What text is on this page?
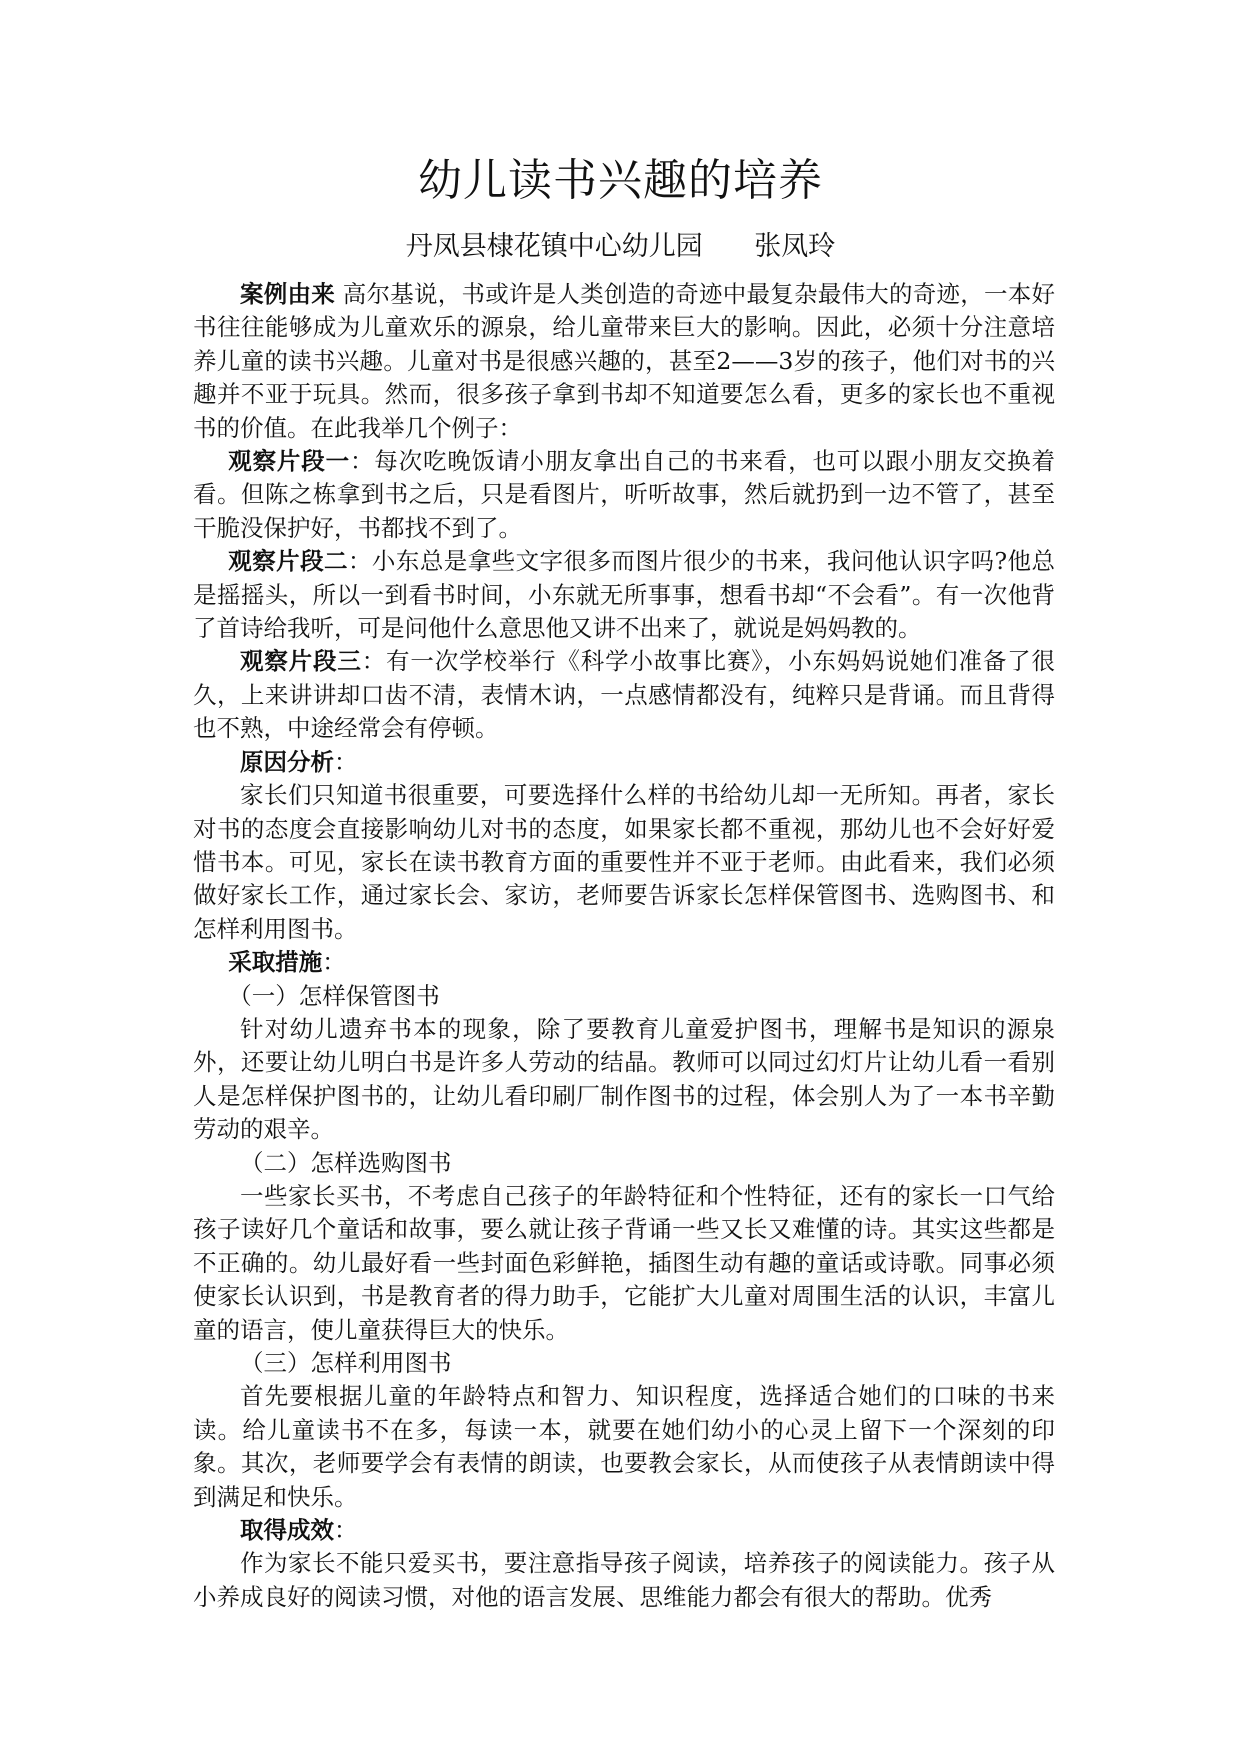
幼儿读书兴趣的培养
丹凤县棣花镇中心幼儿园      张凤玲

案例由来 高尔基说，书或许是人类创造的奇迹中最复杂最伟大的奇迹，一本好书往往能够成为儿童欢乐的源泉，给儿童带来巨大的影响。因此，必须十分注意培养儿童的读书兴趣。儿童对书是很感兴趣的，甚至2——3岁的孩子，他们对书的兴趣并不亚于玩具。然而，很多孩子拿到书却不知道要怎么看，更多的家长也不重视书的价值。在此我举几个例子：

观察片段一：每次吃晚饭请小朋友拿出自己的书来看，也可以跟小朋友交换着看。但陈之栋拿到书之后，只是看图片，听听故事，然后就扔到一边不管了，甚至干脆没保护好，书都找不到了。

观察片段二：小东总是拿些文字很多而图片很少的书来，我问他认识字吗?他总是摇摇头，所以一到看书时间，小东就无所事事，想看书却“不会看”。有一次他背了首诗给我听，可是问他什么意思他又讲不出来了，就说是妈妈教的。

观察片段三：有一次学校举行《科学小故事比赛》，小东妈妈说她们准备了很久，上来讲讲却口齿不清，表情木讷，一点感情都没有，纯粹只是背诵。而且背得也不熟，中途经常会有停顿。

原因分析：

家长们只知道书很重要，可要选择什么样的书给幼儿却一无所知。再者，家长对书的态度会直接影响幼儿对书的态度，如果家长都不重视，那幼儿也不会好好爱惜书本。可见，家长在读书教育方面的重要性并不亚于老师。由此看来，我们必须做好家长工作，通过家长会、家访，老师要告诉家长怎样保管图书、选购图书、和怎样利用图书。

采取措施：

（一）怎样保管图书

针对幼儿遗弃书本的现象，除了要教育儿童爱护图书，理解书是知识的源泉外，还要让幼儿明白书是许多人劳动的结晶。教师可以同过幻灯片让幼儿看一看别人是怎样保护图书的，让幼儿看印刷厂制作图书的过程，体会别人为了一本书辛勤劳动的艰辛。

（二）怎样选购图书

一些家长买书，不考虑自己孩子的年龄特征和个性特征，还有的家长一口气给孩子读好几个童话和故事，要么就让孩子背诵一些又长又难懂的诗。其实这些都是不正确的。幼儿最好看一些封面色彩鲜艳，插图生动有趣的童话或诗歌。同事必须使家长认识到，书是教育者的得力助手，它能扩大儿童对周围生活的认识，丰富儿童的语言，使儿童获得巨大的快乐。

（三）怎样利用图书

首先要根据儿童的年龄特点和智力、知识程度，选择适合她们的口味的书来读。给儿童读书不在多，每读一本，就要在她们幼小的心灵上留下一个深刻的印象。其次，老师要学会有表情的朗读，也要教会家长，从而使孩子从表情朗读中得到满足和快乐。

取得成效：

作为家长不能只爱买书，要注意指导孩子阅读，培养孩子的阅读能力。孩子从小养成良好的阅读习惯，对他的语言发展、思维能力都会有很大的帮助。优秀
